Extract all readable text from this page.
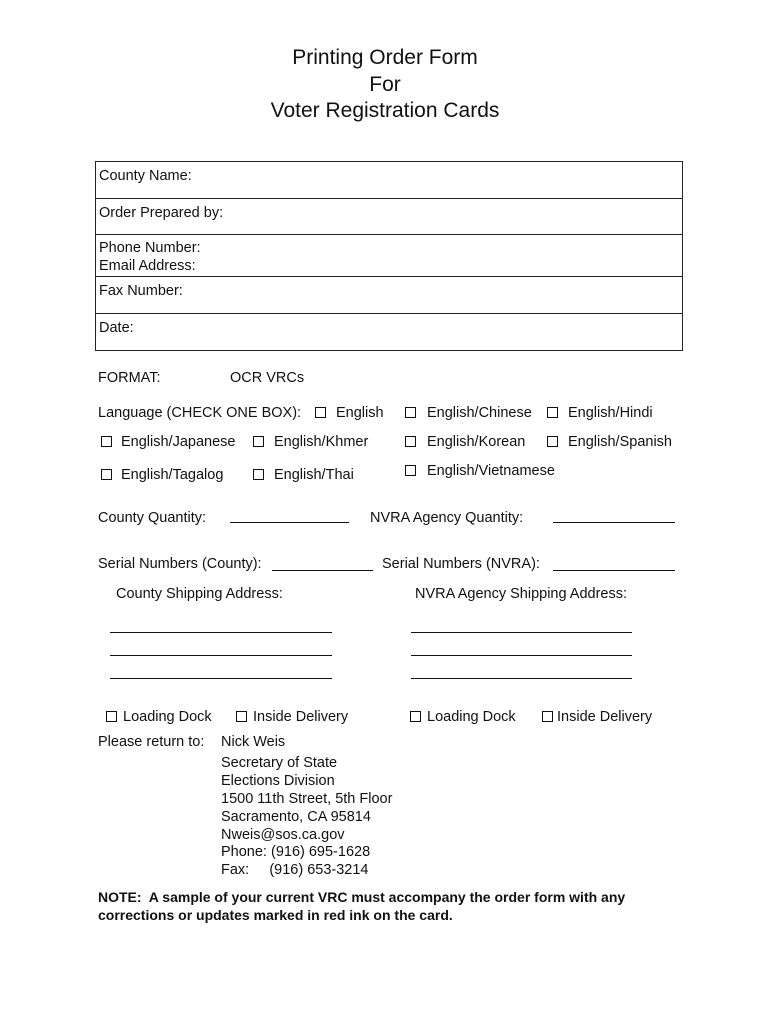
Printing Order Form
For
Voter Registration Cards
County Name:
Order Prepared by:
Phone Number:
Email Address:
Fax Number:
Date:
FORMAT:	OCR VRCs
Language (CHECK ONE BOX): English	English/Chinese English/Hindi
English/Japanese	English/Khmer	English/Korean	English/Spanish
English/Tagalog	English/Thai	English/Vietnamese
County Quantity:	NVRA Agency Quantity:
Serial Numbers (County):	Serial Numbers (NVRA):
County Shipping Address:	NVRA Agency Shipping Address:
Loading Dock	Inside Delivery	Loading Dock	Inside Delivery
Please return to: Nick Weis
Secretary of State
Elections Division
1500 11th Street, 5th Floor
Sacramento, CA 95814
Nweis@sos.ca.gov
Phone: (916) 695-1628
Fax:     (916) 653-3214
NOTE:  A sample of your current VRC must accompany the order form with any
corrections or updates marked in red ink on the card.
